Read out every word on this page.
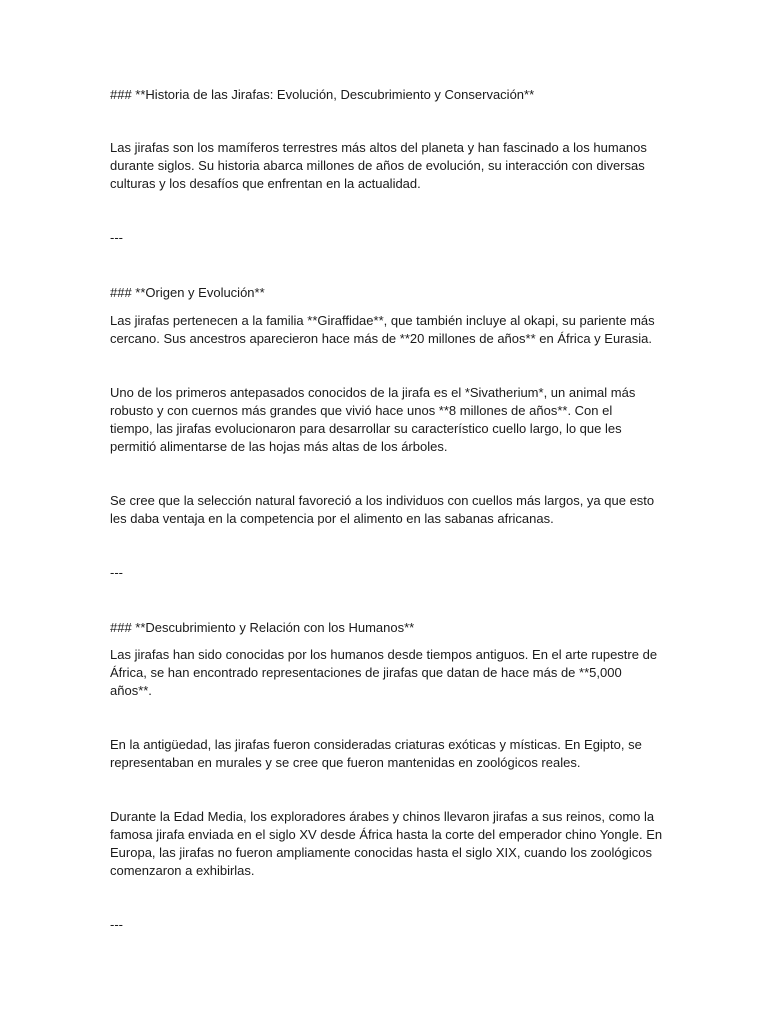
### **Historia de las Jirafas: Evolución, Descubrimiento y Conservación**

Las jirafas son los mamíferos terrestres más altos del planeta y han fascinado a los humanos

durante siglos. Su historia abarca millones de años de evolución, su interacción con diversas

culturas y los desafíos que enfrentan en la actualidad.

---

### **Origen y Evolución**

Las jirafas pertenecen a la familia **Giraffidae**, que también incluye al okapi, su pariente más

cercano. Sus ancestros aparecieron hace más de **20 millones de años** en África y Eurasia.

Uno de los primeros antepasados conocidos de la jirafa es el *Sivatherium*, un animal más

robusto y con cuernos más grandes que vivió hace unos **8 millones de años**. Con el

tiempo, las jirafas evolucionaron para desarrollar su característico cuello largo, lo que les

permitió alimentarse de las hojas más altas de los árboles.

Se cree que la selección natural favoreció a los individuos con cuellos más largos, ya que esto

les daba ventaja en la competencia por el alimento en las sabanas africanas.

---

### **Descubrimiento y Relación con los Humanos**

Las jirafas han sido conocidas por los humanos desde tiempos antiguos. En el arte rupestre de

África, se han encontrado representaciones de jirafas que datan de hace más de **5,000

años**.

En la antigüedad, las jirafas fueron consideradas criaturas exóticas y místicas. En Egipto, se

representaban en murales y se cree que fueron mantenidas en zoológicos reales.

Durante la Edad Media, los exploradores árabes y chinos llevaron jirafas a sus reinos, como la

famosa jirafa enviada en el siglo XV desde África hasta la corte del emperador chino Yongle. En

Europa, las jirafas no fueron ampliamente conocidas hasta el siglo XIX, cuando los zoológicos

comenzaron a exhibirlas.

---
